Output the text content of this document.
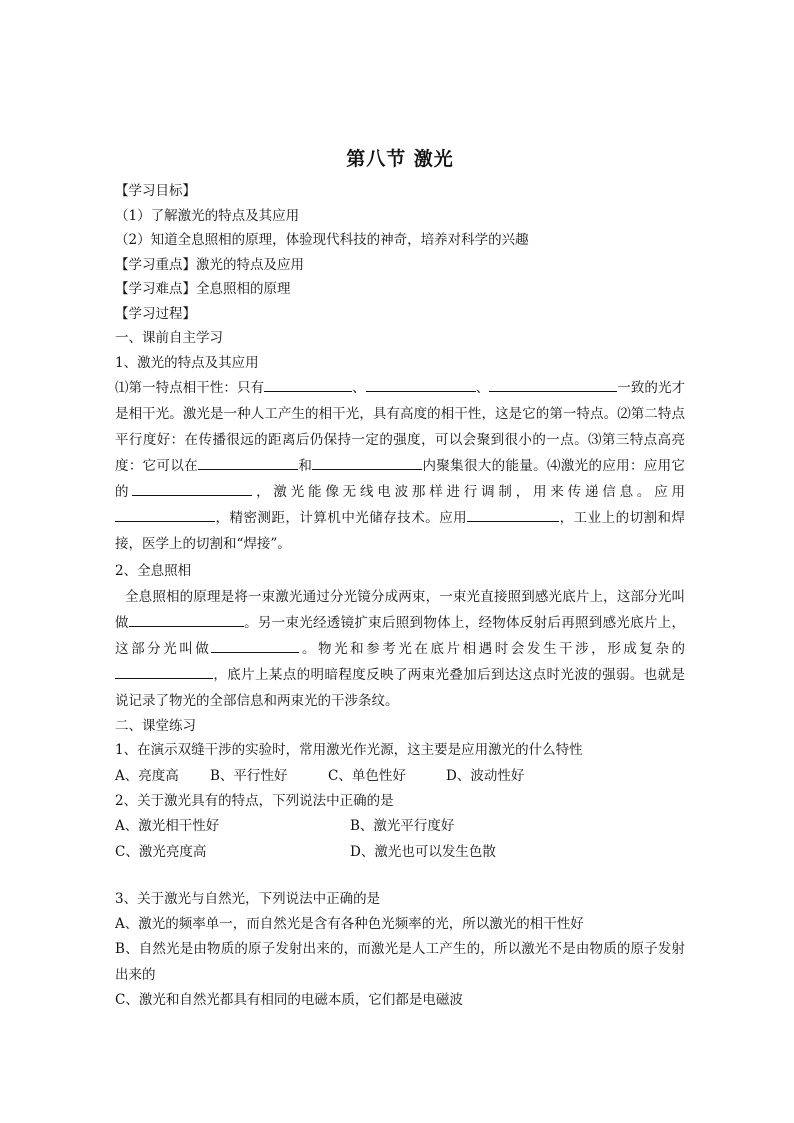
第八节 激光
【学习目标】
（1）了解激光的特点及其应用
（2）知道全息照相的原理，体验现代科技的神奇，培养对科学的兴趣
【学习重点】激光的特点及应用
【学习难点】全息照相的原理
【学习过程】
一、课前自主学习
1、激光的特点及其应用
⑴第一特点相干性：只有	、	、	一致的光才是相干光。激光是一种人工产生的相干光，具有高度的相干性，这是它的第一特点。⑵第二特点平行度好：在传播很远的距离后仍保持一定的强度，可以会聚到很小的一点。⑶第三特点高亮度：它可以在	和	内聚集很大的能量。⑷激光的应用：应用它的	，激光能像无线电波那样进行调制，用来传递信息。应用，精密测距，计算机中光储存技术。应用	，工业上的切割和焊接，医学上的切割和“焊接”。
2、全息照相
全息照相的原理是将一束激光通过分光镜分成两束，一束光直接照到感光底片上，这部分光叫做	。另一束光经透镜扩束后照到物体上，经物体反射后再照到感光底片上，这部分光叫做	。物光和参考光在底片相遇时会发生干涉，形成复杂的，底片上某点的明暗程度反映了两束光叠加后到达这点时光波的强弱。也就是说记录了物光的全部信息和两束光的干涉条纹。
二、课堂练习
1、在演示双缝干涉的实验时，常用激光作光源，这主要是应用激光的什么特性
A、亮度高	B、平行性好	C、单色性好	D、波动性好
2、关于激光具有的特点，下列说法中正确的是
A、激光相干性好	B、激光平行度好
C、激光亮度高	D、激光也可以发生色散
3、关于激光与自然光，下列说法中正确的是
A、激光的频率单一，而自然光是含有各种色光频率的光，所以激光的相干性好
B、自然光是由物质的原子发射出来的，而激光是人工产生的，所以激光不是由物质的原子发射出来的
C、激光和自然光都具有相同的电磁本质，它们都是电磁波
